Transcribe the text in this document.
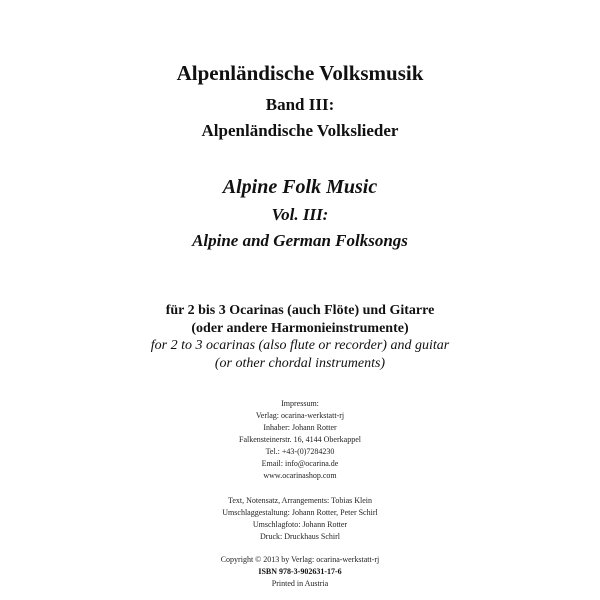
Alpenländische Volksmusik
Band III:
Alpenländische Volkslieder
Alpine Folk Music
Vol. III:
Alpine and German Folksongs
für 2 bis 3 Ocarinas (auch Flöte) und Gitarre
(oder andere Harmonieinstrumente)
for 2 to 3 ocarinas (also flute or recorder) and guitar
(or other chordal instruments)
Impressum:
Verlag: ocarina-werkstatt-rj
Inhaber: Johann Rotter
Falkensteinerstr. 16, 4144 Oberkappel
Tel.: +43-(0)7284230
Email: info@ocarina.de
www.ocarinashop.com
Text, Notensatz, Arrangements: Tobias Klein
Umschlaggestaltung: Johann Rotter, Peter Schirl
Umschlagfoto: Johann Rotter
Druck: Druckhaus Schirl
Copyright © 2013 by Verlag: ocarina-werkstatt-rj
ISBN 978-3-902631-17-6
Printed in Austria
